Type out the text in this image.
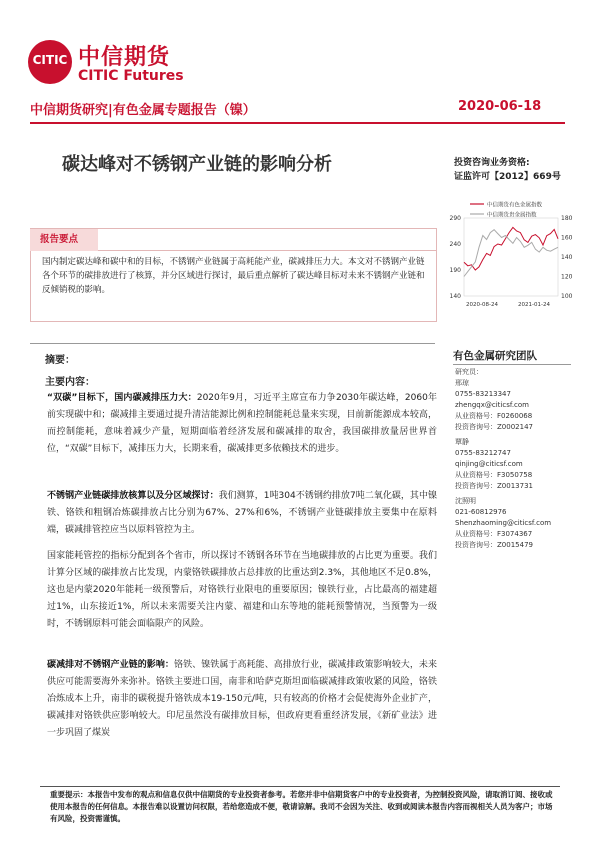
CITIC 中信期货
CITIC Futures
中信期货研究|有色金属专题报告（镍）	2020-06-18
碳达峰对不锈钢产业链的影响分析	投资咨询业务资格:
证监许可【2012】669号
报告要点
国内制定碳达峰和碳中和的目标，不锈钢产业链属于高耗能产业，碳减排压力大。本文对不锈钢产业链各个环节的碳排放进行了核算，并分区域进行探讨，最后重点解析了碳达峰目标对未来不锈钢产业链和反倾销税的影响。
中信期货有色金属指数
中信期货贵金属指数
290
240
190
140
180
160
140
120
100
2020-08-24	2021-01-24
摘要：
主要内容：
“双碳”目标下，国内碳减排压力大：2020年9月，习近平主席宣布力争2030年碳达峰，2060年前实现碳中和；碳减排主要通过提升清洁能源比例和控制能耗总量来实现，目前新能源成本较高，而控制能耗，意味着减少产量，短期面临着经济发展和碳减排的取舍，我国碳排放量居世界首位，“双碳”目标下，减排压力大，长期来看，碳减排更多依赖技术的进步。
不锈钢产业链碳排放核算以及分区域探讨：我们测算，1吨304不锈钢约排放7吨二氧化碳，其中镍铁、铬铁和粗钢冶炼碳排放占比分别为67%、27%和6%，不锈钢产业链碳排放主要集中在原料端，碳减排管控应当以原料管控为主。
国家能耗管控的指标分配到各个省市，所以探讨不锈钢各环节在当地碳排放的占比更为重要。我们计算分区域的碳排放占比发现，内蒙铬铁碳排放占总排放的比重达到2.3%，其他地区不足0.8%，这也是内蒙2020年能耗一级预警后，对铬铁行业限电的重要原因；镍铁行业，占比最高的福建超过1%，山东接近1%，所以未来需要关注内蒙、福建和山东等地的能耗预警情况，当预警为一级时，不锈钢原料可能会面临限产的风险。
碳减排对不锈钢产业链的影响：铬铁、镍铁属于高耗能、高排放行业，碳减排政策影响较大，未来供应可能需要海外来弥补。铬铁主要进口国，南非和哈萨克斯坦面临碳减排政策收紧的风险，铬铁冶炼成本上升，南非的碳税提升铬铁成本19-150元/吨，只有较高的价格才会促使海外企业扩产，碳减排对铬铁供应影响较大。印尼虽然没有碳排放目标，但政府更看重经济发展，《新矿业法》进一步巩固了煤炭
有色金属研究团队
研究员：
邢琼
0755-83213347
zhengqx@citicsf.com
从业资格号：F0260068
投资咨询号：Z0002147
覃静
0755-83212747
qinjing@citicsf.com
从业资格号：F3050758
投资咨询号：Z0013731
沈照明
021-60812976
Shenzhaoming@citicsf.com
从业资格号：F3074367
投资咨询号：Z0015479
重要提示：本报告中发布的观点和信息仅供中信期货的专业投资者参考。若您并非中信期货客户中的专业投资者，为控制投资风险，请取消订阅、接收或使用本报告的任何信息。本报告难以设置访问权限，若给您造成不便，敬请谅解。我司不会因为关注、收到或阅读本报告内容而视相关人员为客户；市场有风险，投资需谨慎。
